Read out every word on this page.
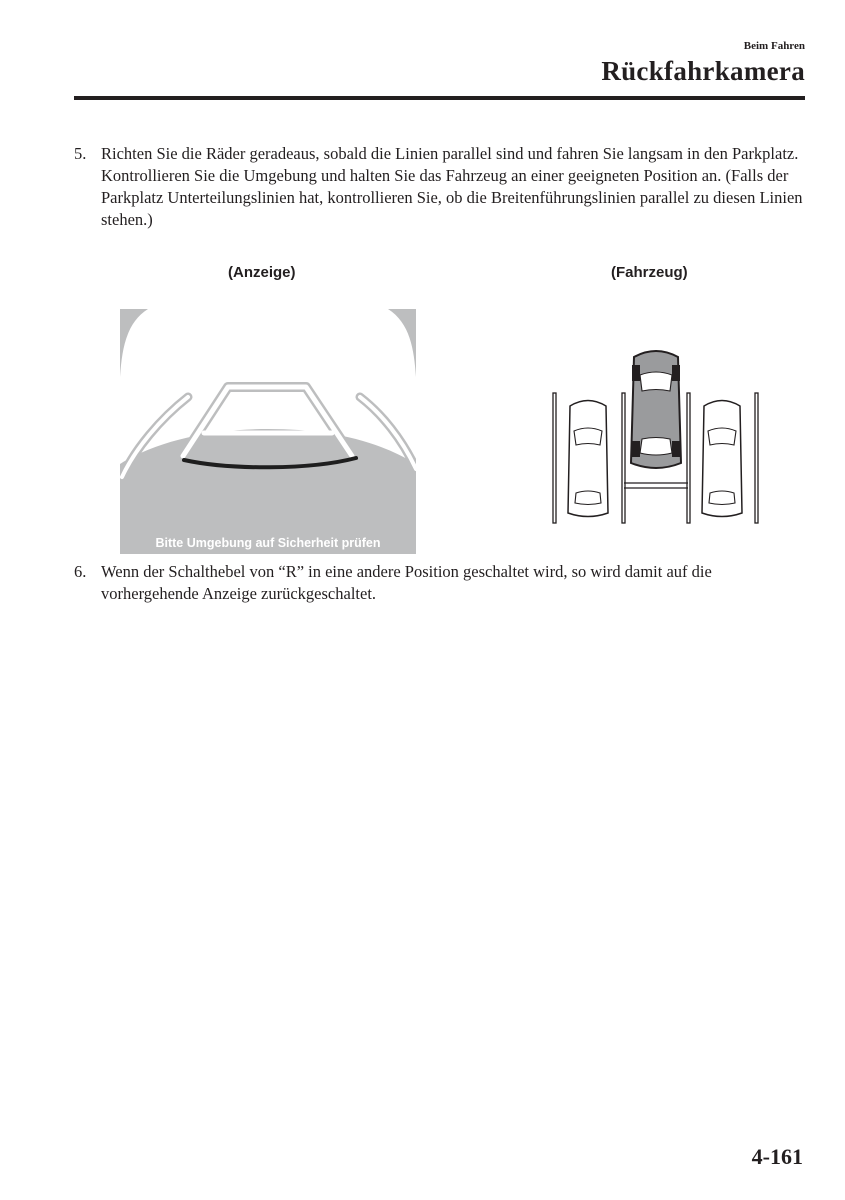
Beim Fahren
Rückfahrkamera
5. Richten Sie die Räder geradeaus, sobald die Linien parallel sind und fahren Sie langsam in den Parkplatz. Kontrollieren Sie die Umgebung und halten Sie das Fahrzeug an einer geeigneten Position an. (Falls der Parkplatz Unterteilungslinien hat, kontrollieren Sie, ob die Breitenführungslinien parallel zu diesen Linien stehen.)
(Anzeige)	(Fahrzeug)
Bitte Umgebung auf Sicherheit prüfen
6. Wenn der Schalthebel von “R” in eine andere Position geschaltet wird, so wird damit auf die vorhergehende Anzeige zurückgeschaltet.
4-161
